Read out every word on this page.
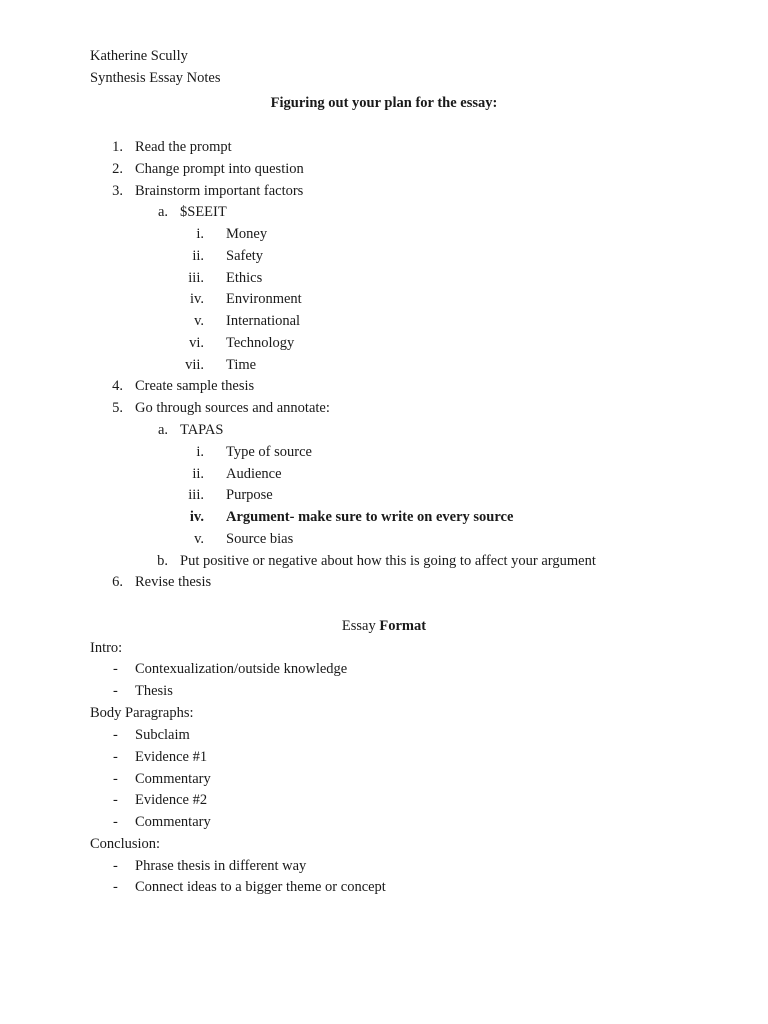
Katherine Scully
Synthesis Essay Notes
Figuring out your plan for the essay:
1. Read the prompt
2. Change prompt into question
3. Brainstorm important factors
a. $SEEIT
i. Money
ii. Safety
iii. Ethics
iv. Environment
v. International
vi. Technology
vii. Time
4. Create sample thesis
5. Go through sources and annotate:
a. TAPAS
i. Type of source
ii. Audience
iii. Purpose
iv. Argument- make sure to write on every source
v. Source bias
b. Put positive or negative about how this is going to affect your argument
6. Revise thesis
Essay Format
Intro:
- Contexualization/outside knowledge
- Thesis
Body Paragraphs:
- Subclaim
- Evidence #1
- Commentary
- Evidence #2
- Commentary
Conclusion:
- Phrase thesis in different way
- Connect ideas to a bigger theme or concept
